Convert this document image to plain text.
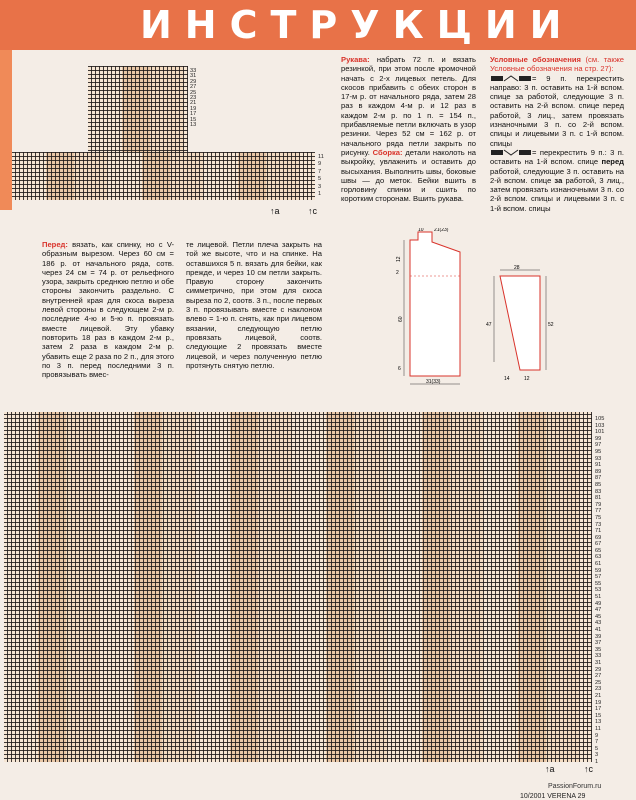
ИНСТРУКЦИИ
33
31
29
27
25
23
21
19
17
15
13
11
9
7
5
3
1
↑a	↑c
Рукава: набрать 72 п. и вязать резинкой, при этом после кромочной начать с 2-х лицевых петель. Для скосов прибавить с обеих сторон в 17-м р. от начального ряда, затем 28 раз в каждом 4-м р. и 12 раз в каждом 2-м р. по 1 п. = 154 п., прибавляемые петли включать в узор резинки. Через 52 см = 162 р. от начального ряда петли закрыть по рисунку. Сборка: детали наколоть на выкройку, увлажнить и оставить до высыхания. Выполнить швы, боковые швы — до меток. Бейки вшить в горловину спинки и сшить по коротким сторонам. Вшить рукава.
Условные обозначения (см. также Условные обозначения на стр. 27):
= 9 п. перекрестить направо: 3 п. оставить на 1-й вспом. спице за работой, следующие 3 п. оставить на 2-й вспом. спице перед работой, 3 лиц., затем провязать изнаночными 3 п. со 2-й вспом. спицы и лицевыми 3 п. с 1-й вспом. спицы
= перекрестить 9 п.: 3 п. оставить на 1-й вспом. спице перед работой, следующие 3 п. оставить на 2-й вспом. спице за работой, 3 лиц., затем провязать изнаночными 3 п. со 2-й вспом. спицы и лицевыми 3 п. с 1-й вспом. спицы
Перед: вязать, как спинку, но с V-образным вырезом. Через 60 см = 186 р. от начального ряда, сотв. через 24 см = 74 р. от рельефного узора, закрыть среднюю петлю и обе стороны закончить раздельно. С внутренней края для скоса выреза левой стороны в следующем 2-м р. последние 4-ю и 5-ю п. провязать вместе лицевой. Эту убавку повторить 18 раз в каждом 2-м р., затем 2 раза в каждом 2-м р. убавить еще 2 раза по 2 п., для этого по 3 п. перед последними 3 п. провязывать вмес-
те лицевой. Петли плеча закрыть на той же высоте, что и на спинке. На оставшихся 5 п. вязать для бейки, как прежде, и через 10 см петли закрыть. Правую сторону закончить симметрично, при этом для скоса выреза по 2, соотв. 3 п., после первых 3 п. провязывать вместе с наклоном влево = 1-ю п. снять, как при лицевом вязании, следующую петлю провязать лицевой, соотв. следующие 2 провязать вместе лицевой, и через полученную петлю протянуть снятую петлю.
10 21(23)
12
2
60
6
31(33)
28
47	52
14	12
105
103
101
99
97
95
93
91
89
87
85
83
81
79
77
75
73
71
69
67
65
63
61
59
57
55
53
51
49
47
45
43
41
39
37
35
33
31
29
27
25
23
21
19
17
15
13
11
9
7
5
3
1
↑a	↑c
PassionForum.ru
10/2001 VERENA 29
